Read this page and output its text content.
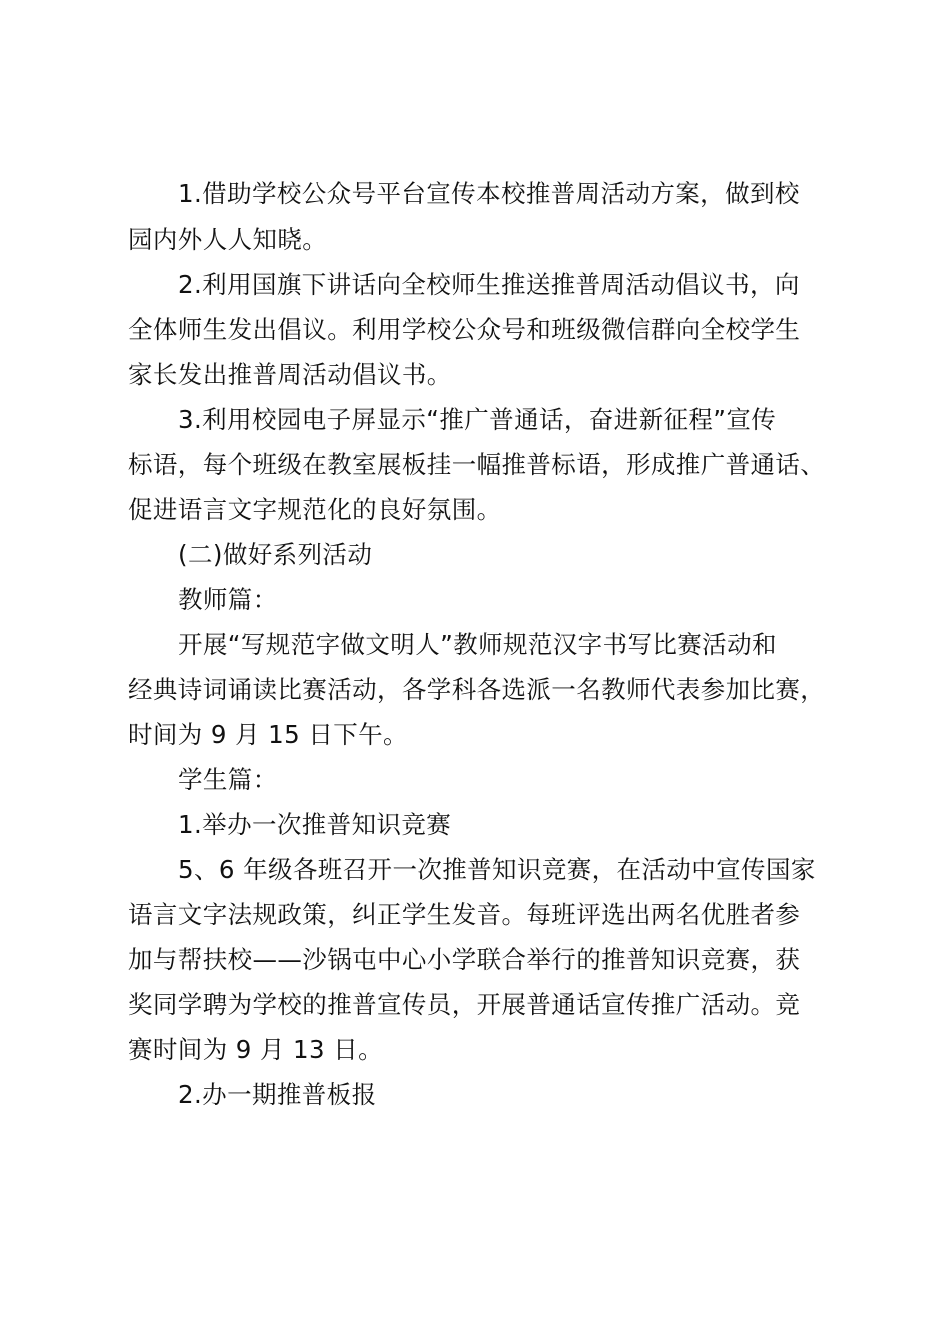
1.借助学校公众号平台宣传本校推普周活动方案，做到校
园内外人人知晓。
2.利用国旗下讲话向全校师生推送推普周活动倡议书，向
全体师生发出倡议。利用学校公众号和班级微信群向全校学生
家长发出推普周活动倡议书。
3.利用校园电子屏显示“推广普通话，奋进新征程”宣传
标语，每个班级在教室展板挂一幅推普标语，形成推广普通话、
促进语言文字规范化的良好氛围。
(二)做好系列活动
教师篇：
开展“写规范字做文明人”教师规范汉字书写比赛活动和
经典诗词诵读比赛活动，各学科各选派一名教师代表参加比赛，
时间为 9 月 15 日下午。
学生篇：
1.举办一次推普知识竞赛
5、6 年级各班召开一次推普知识竞赛，在活动中宣传国家
语言文字法规政策，纠正学生发音。每班评选出两名优胜者参
加与帮扶校——沙锅屯中心小学联合举行的推普知识竞赛，获
奖同学聘为学校的推普宣传员，开展普通话宣传推广活动。竞
赛时间为 9 月 13 日。
2.办一期推普板报
